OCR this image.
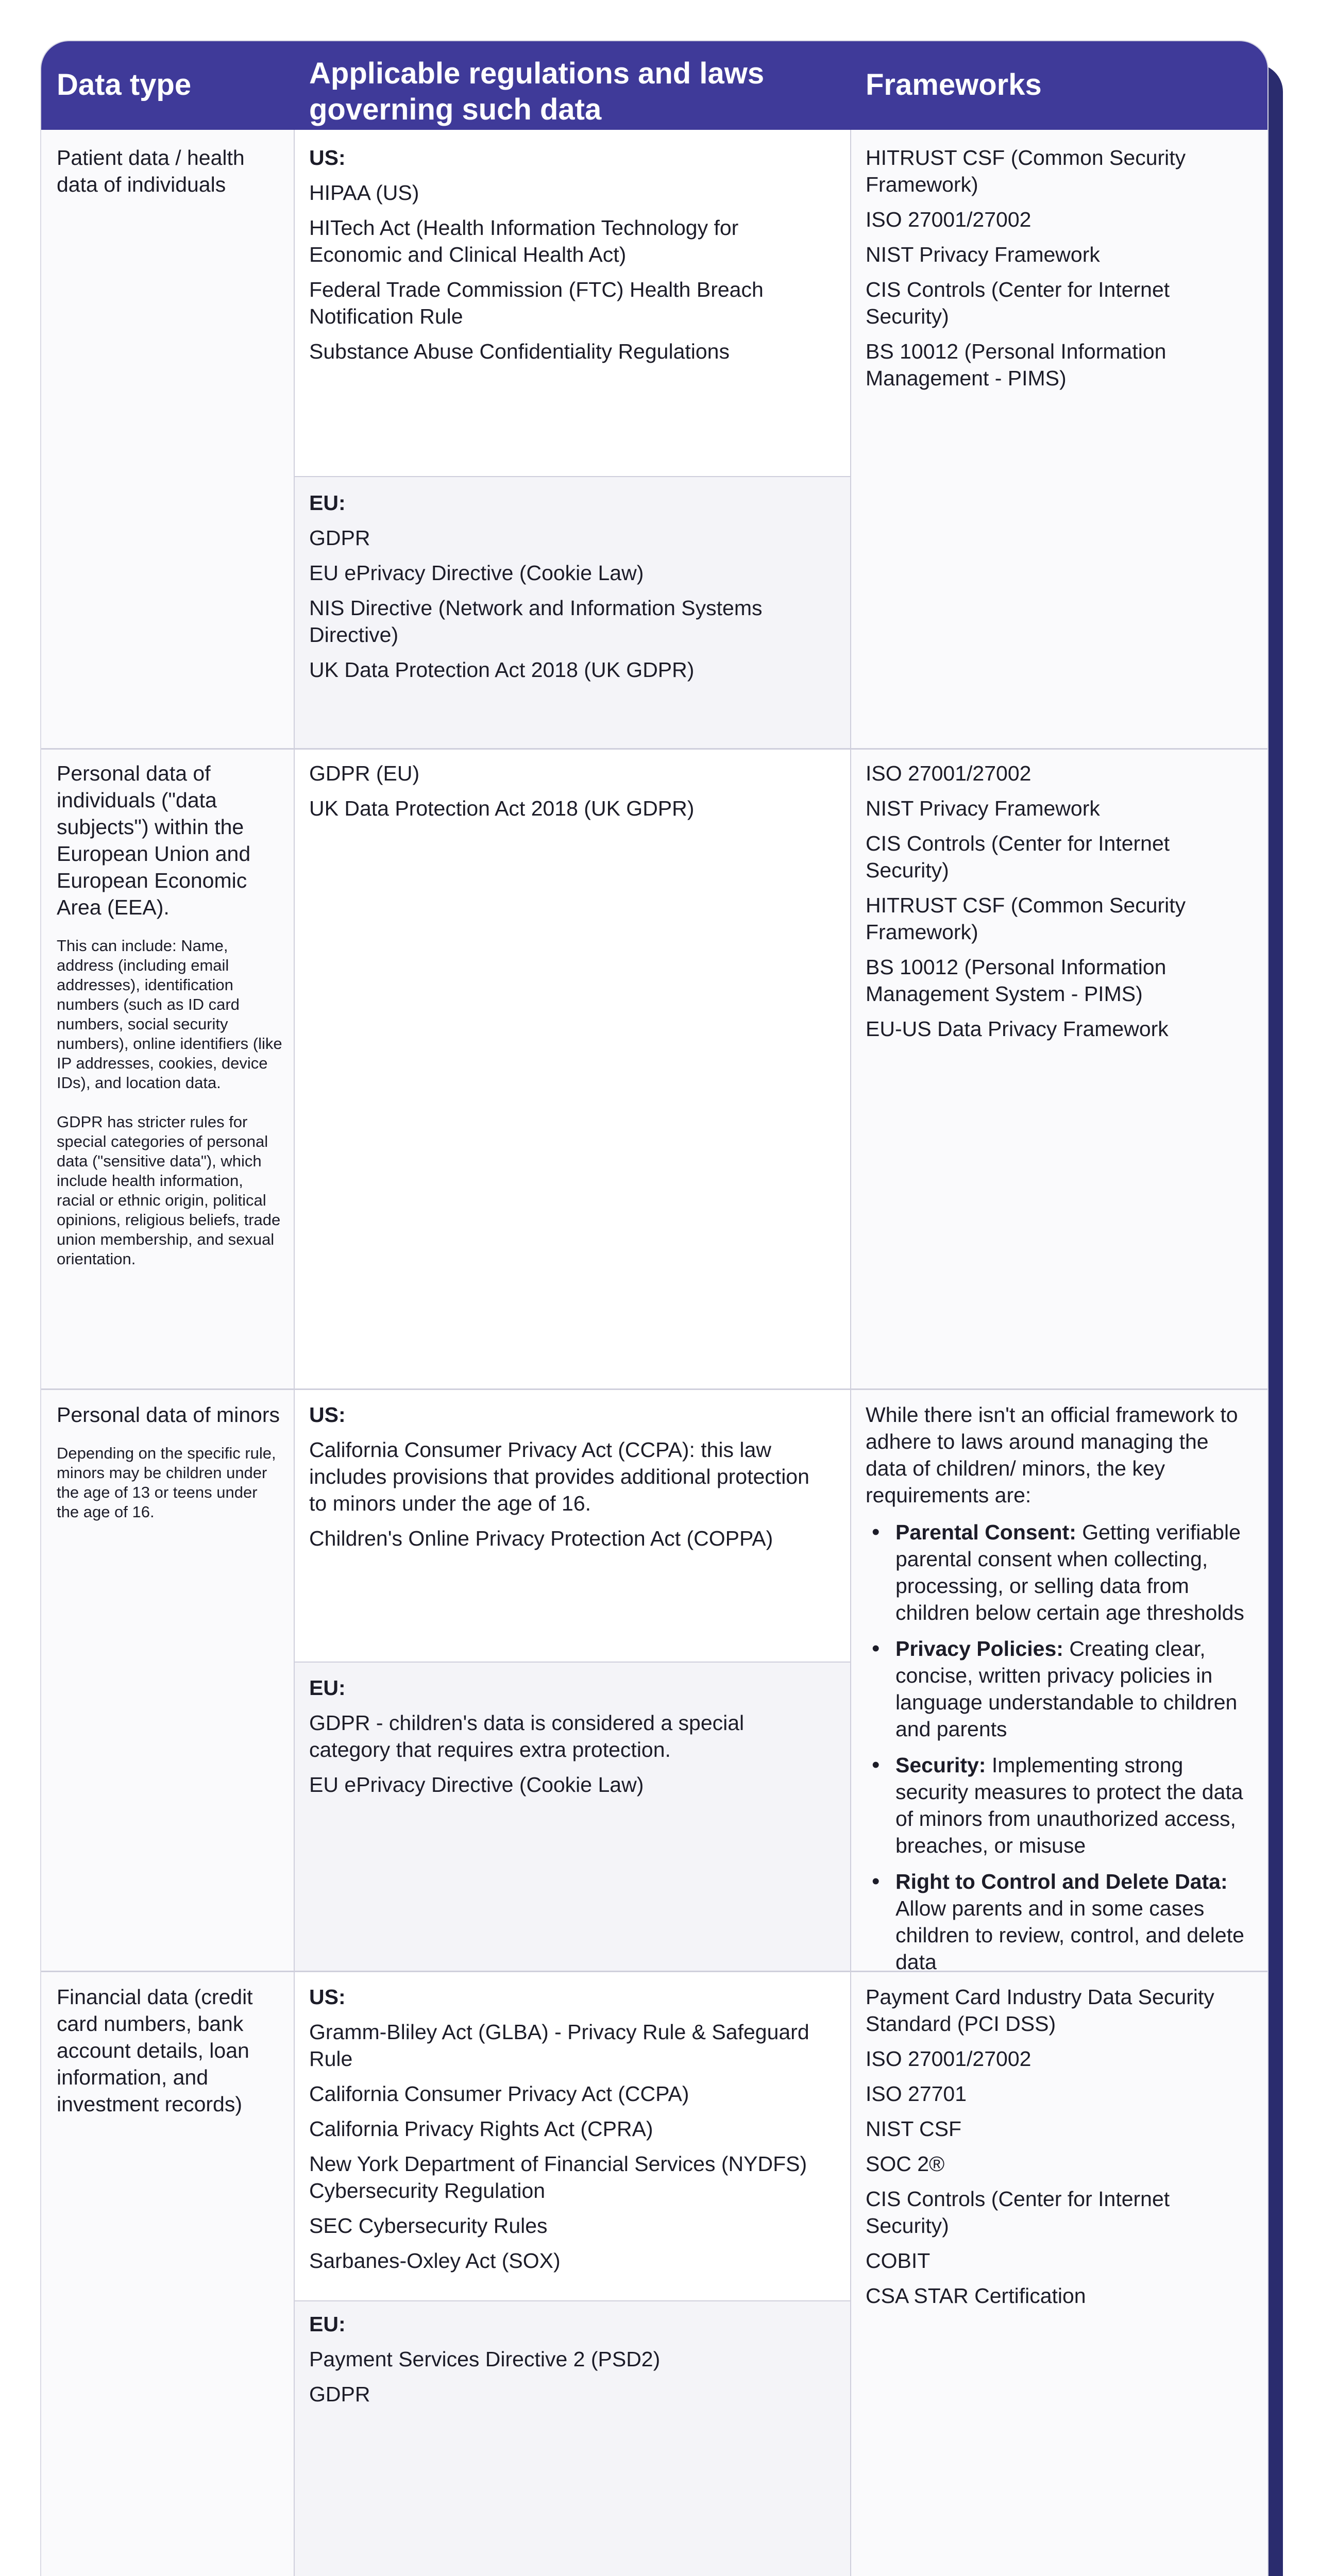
Data type	Applicable regulations and laws governing such data
Frameworks
Patient data / health data of individuals
US:
HIPAA (US)
HITech Act (Health Information Technology for Economic and Clinical Health Act)
Federal Trade Commission (FTC) Health Breach Notification Rule
Substance Abuse Confidentiality Regulations
EU:
GDPR
EU ePrivacy Directive (Cookie Law)
NIS Directive (Network and Information Systems Directive)
UK Data Protection Act 2018 (UK GDPR)
HITRUST CSF (Common Security Framework)
ISO 27001/27002
NIST Privacy Framework
CIS Controls (Center for Internet Security)
BS 10012 (Personal Information Management - PIMS)
Personal data of individuals ("data subjects") within the European Union and European Economic Area (EEA).
This can include: Name, address (including email addresses), identification numbers (such as ID card numbers, social security numbers), online identifiers (like IP addresses, cookies, device IDs), and location data.
GDPR has stricter rules for special categories of personal data ("sensitive data"), which include health information, racial or ethnic origin, political opinions, religious beliefs, trade union membership, and sexual orientation.
GDPR (EU)
UK Data Protection Act 2018 (UK GDPR)
ISO 27001/27002
NIST Privacy Framework
CIS Controls (Center for Internet Security)
HITRUST CSF (Common Security Framework)
BS 10012 (Personal Information Management System - PIMS)
EU-US Data Privacy Framework
Personal data of minors
Depending on the specific rule, minors may be children under the age of 13 or teens under the age of 16.
US:
California Consumer Privacy Act (CCPA): this law includes provisions that provides additional protection to minors under the age of 16.
Children's Online Privacy Protection Act (COPPA)
EU:
GDPR - children's data is considered a special category that requires extra protection.
EU ePrivacy Directive (Cookie Law)
While there isn't an official framework to adhere to laws around managing the data of children/ minors, the key requirements are:
• Parental Consent: Getting verifiable parental consent when collecting, processing, or selling data from children below certain age thresholds
• Privacy Policies: Creating clear, concise, written privacy policies in language understandable to children and parents
• Security: Implementing strong security measures to protect the data of minors from unauthorized access, breaches, or misuse
• Right to Control and Delete Data: Allow parents and in some cases children to review, control, and delete data
Financial data (credit card numbers, bank account details, loan information, and investment records)
US:
Gramm-Bliley Act (GLBA) - Privacy Rule & Safeguard Rule
California Consumer Privacy Act (CCPA)
California Privacy Rights Act (CPRA)
New York Department of Financial Services (NYDFS) Cybersecurity Regulation
SEC Cybersecurity Rules
Sarbanes-Oxley Act (SOX)
EU:
Payment Services Directive 2 (PSD2)
GDPR
Payment Card Industry Data Security Standard (PCI DSS)
ISO 27001/27002
ISO 27701
NIST CSF
SOC 2®
CIS Controls (Center for Internet Security)
COBIT
CSA STAR Certification
